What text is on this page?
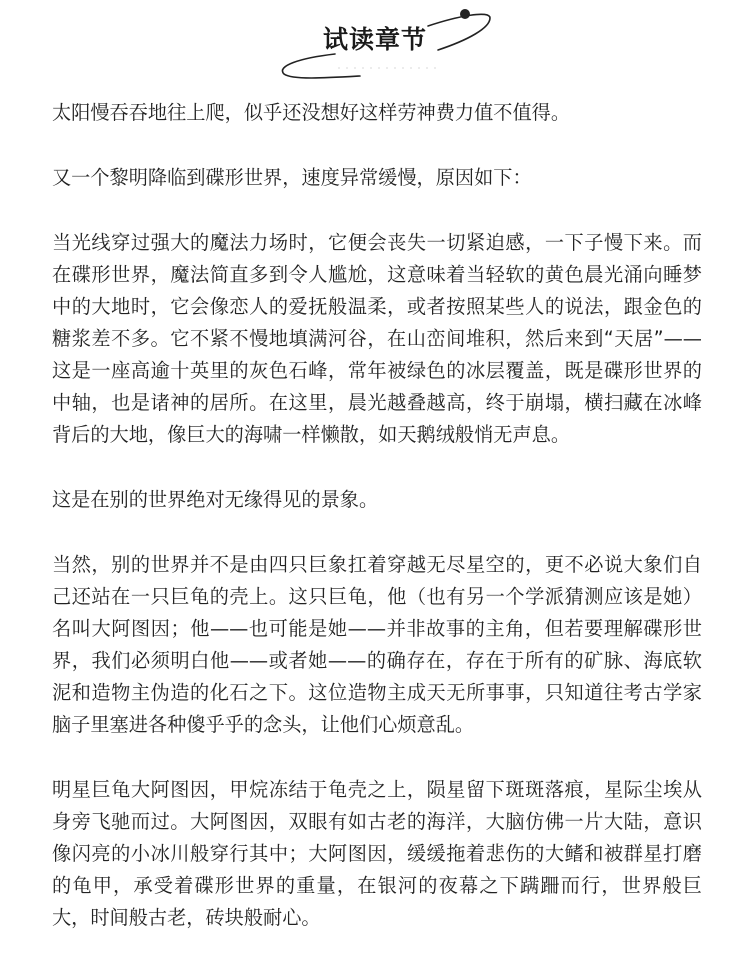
试读章节

太阳慢吞吞地往上爬，似乎还没想好这样劳神费力值不值得。

又一个黎明降临到碟形世界，速度异常缓慢，原因如下：

当光线穿过强大的魔法力场时，它便会丧失一切紧迫感，一下子慢下来。而在碟形世界，魔法简直多到令人尴尬，这意味着当轻软的黄色晨光涌向睡梦中的大地时，它会像恋人的爱抚般温柔，或者按照某些人的说法，跟金色的糖浆差不多。它不紧不慢地填满河谷，在山峦间堆积，然后来到“天居”——这是一座高逾十英里的灰色石峰，常年被绿色的冰层覆盖，既是碟形世界的中轴，也是诸神的居所。在这里，晨光越叠越高，终于崩塌，横扫藏在冰峰背后的大地，像巨大的海啸一样懒散，如天鹅绒般悄无声息。

这是在别的世界绝对无缘得见的景象。

当然，别的世界并不是由四只巨象扛着穿越无尽星空的，更不必说大象们自己还站在一只巨龟的壳上。这只巨龟，他（也有另一个学派猜测应该是她）名叫大阿图因；他——也可能是她——并非故事的主角，但若要理解碟形世界，我们必须明白他——或者她——的确存在，存在于所有的矿脉、海底软泥和造物主伪造的化石之下。这位造物主成天无所事事，只知道往考古学家脑子里塞进各种傻乎乎的念头，让他们心烦意乱。

明星巨龟大阿图因，甲烷冻结于龟壳之上，陨星留下斑斑落痕，星际尘埃从身旁飞驰而过。大阿图因，双眼有如古老的海洋，大脑仿佛一片大陆，意识像闪亮的小冰川般穿行其中；大阿图因，缓缓拖着悲伤的大鳍和被群星打磨的龟甲，承受着碟形世界的重量，在银河的夜幕之下蹒跚而行，世界般巨大，时间般古老，砖块般耐心。
